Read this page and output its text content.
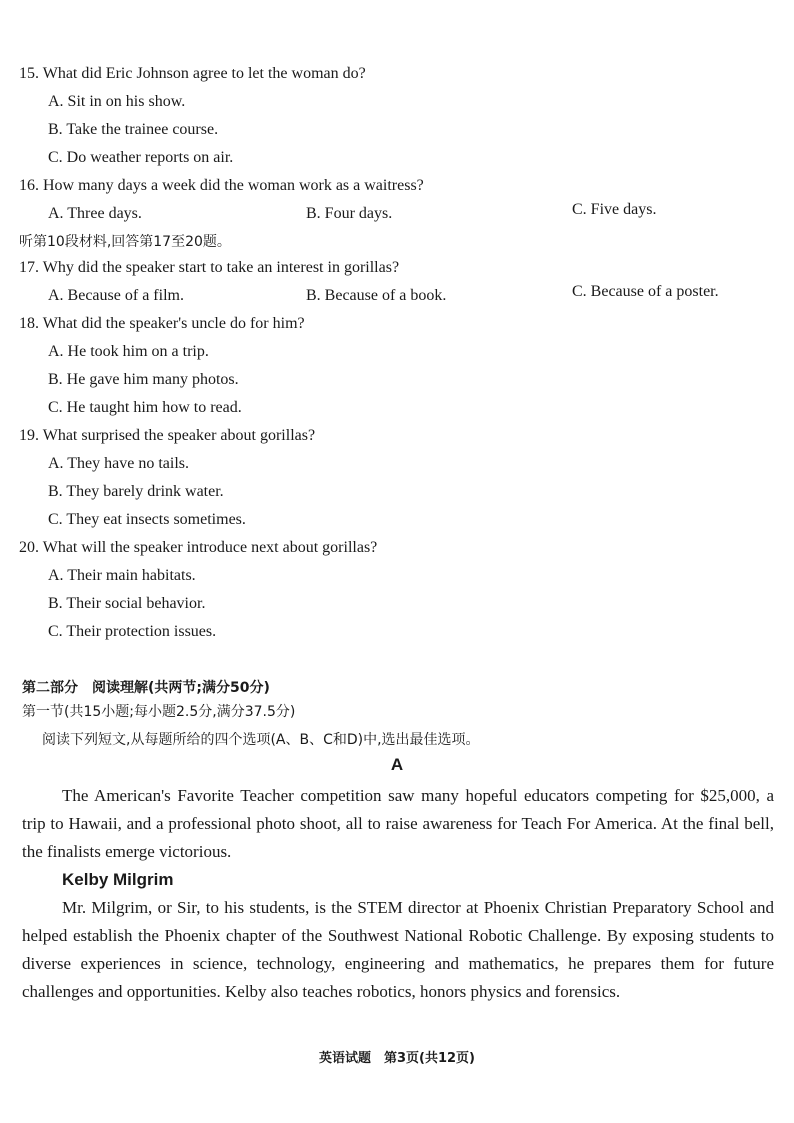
15. What did Eric Johnson agree to let the woman do?
A. Sit in on his show.
B. Take the trainee course.
C. Do weather reports on air.
16. How many days a week did the woman work as a waitress?
A. Three days.	B. Four days.	C. Five days.
听第10段材料,回答第17至20题。
17. Why did the speaker start to take an interest in gorillas?
A. Because of a film.	B. Because of a book.	C. Because of a poster.
18. What did the speaker's uncle do for him?
A. He took him on a trip.
B. He gave him many photos.
C. He taught him how to read.
19. What surprised the speaker about gorillas?
A. They have no tails.
B. They barely drink water.
C. They eat insects sometimes.
20. What will the speaker introduce next about gorillas?
A. Their main habitats.
B. Their social behavior.
C. Their protection issues.
第二部分　阅读理解(共两节;满分50分)
第一节(共15小题;每小题2.5分,满分37.5分)
阅读下列短文,从每题所给的四个选项(A、B、C和D)中,选出最佳选项。
A
The American's Favorite Teacher competition saw many hopeful educators competing for $25,000, a trip to Hawaii, and a professional photo shoot, all to raise awareness for Teach For America. At the final bell, the finalists emerge victorious.
Kelby Milgrim
Mr. Milgrim, or Sir, to his students, is the STEM director at Phoenix Christian Preparatory School and helped establish the Phoenix chapter of the Southwest National Robotic Challenge. By exposing students to diverse experiences in science, technology, engineering and mathematics, he prepares them for future challenges and opportunities. Kelby also teaches robotics, honors physics and forensics.
英语试题　第3页(共12页)
